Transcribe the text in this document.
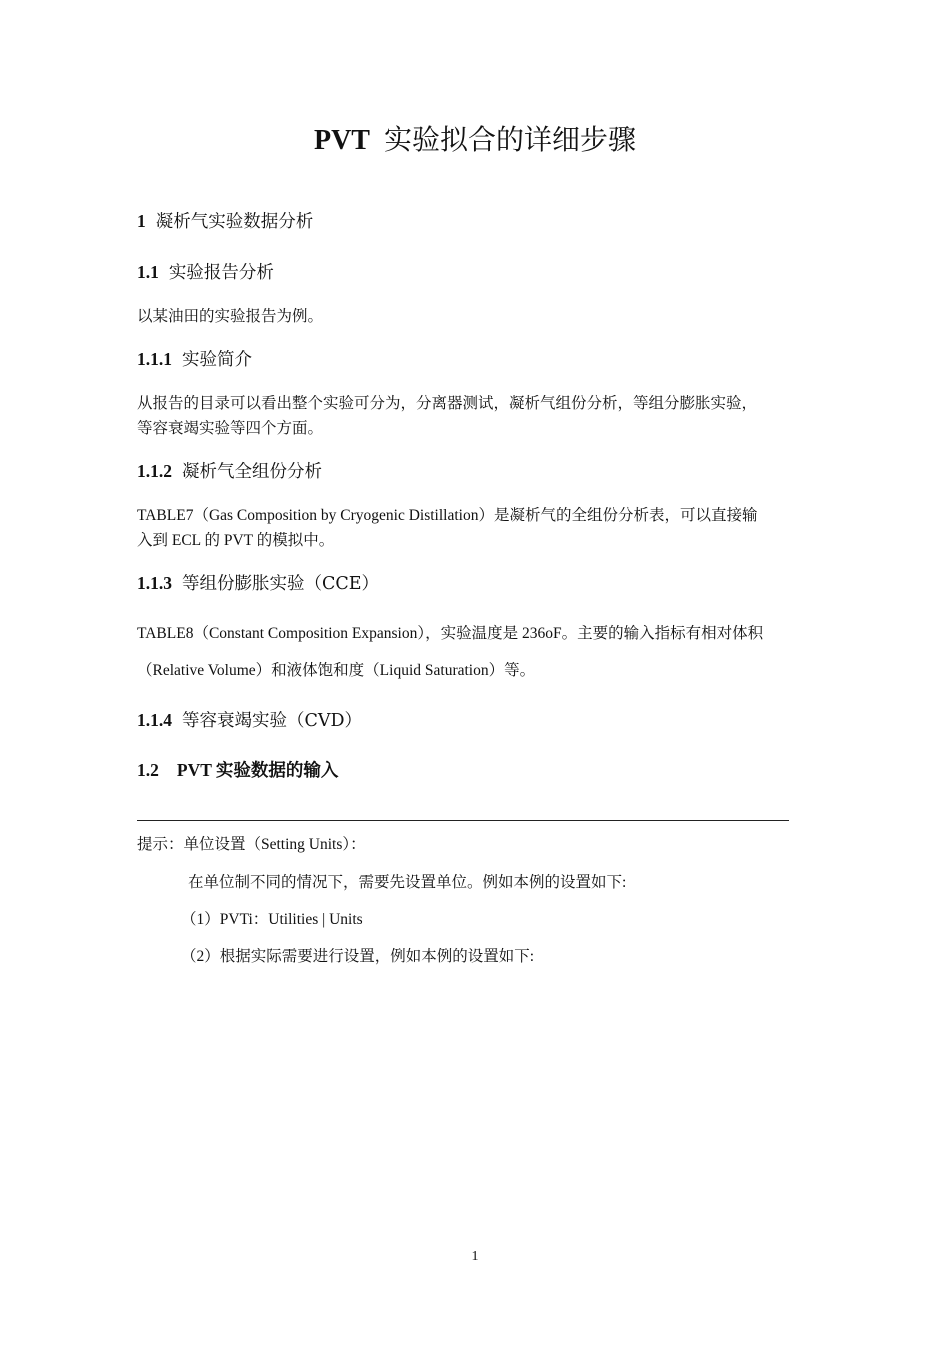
PVT 实验拟合的详细步骤
1 凝析气实验数据分析
1.1 实验报告分析
以某油田的实验报告为例。
1.1.1 实验简介
从报告的目录可以看出整个实验可分为，分离器测试，凝析气组份分析，等组分膨胀实验，
等容衰竭实验等四个方面。
1.1.2 凝析气全组份分析
TABLE7（Gas Composition by Cryogenic Distillation）是凝析气的全组份分析表，可以直接输
入到 ECL 的 PVT 的模拟中。
1.1.3 等组份膨胀实验（CCE）
TABLE8（Constant Composition Expansion），实验温度是 236oF。主要的输入指标有相对体积
（Relative Volume）和液体饱和度（Liquid Saturation）等。
1.1.4 等容衰竭实验（CVD）
1.2 PVT 实验数据的输入
提示：单位设置（Setting Units）：
在单位制不同的情况下，需要先设置单位。例如本例的设置如下:
（1）PVTi：Utilities | Units
（2）根据实际需要进行设置，例如本例的设置如下:
1
